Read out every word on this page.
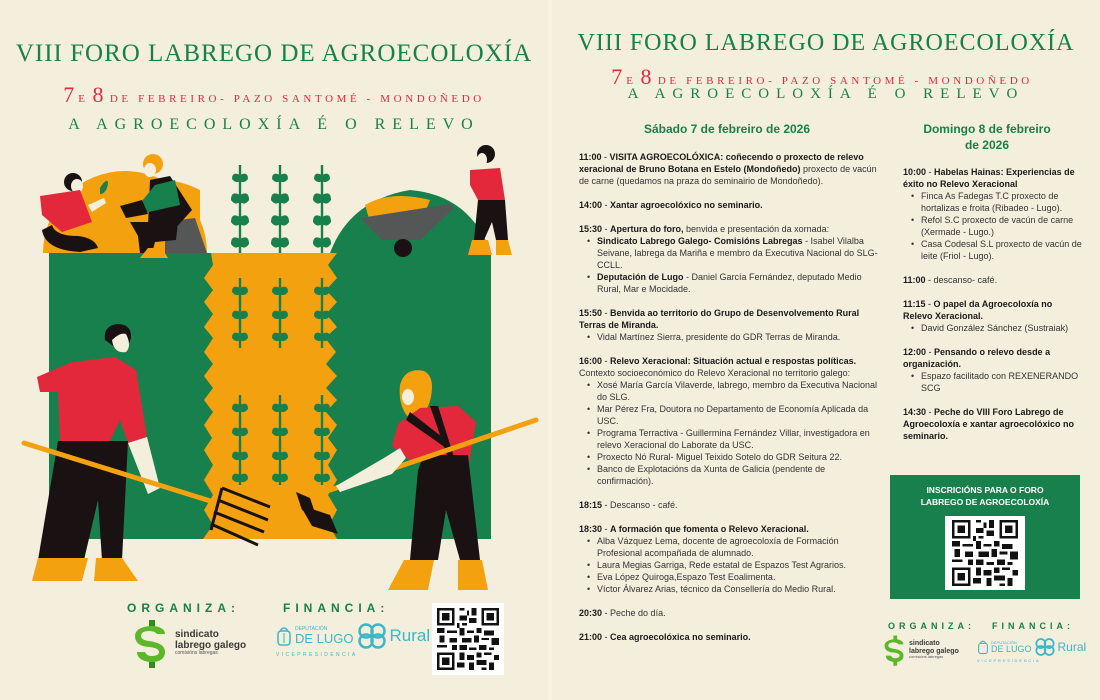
VIII FORO LABREGO DE AGROECOLOXÍA
7 E 8 DE FEBREIRO- PAZO SANTOMÉ - MONDOÑEDO
A AGROECOLOXÍA É O RELEVO
ORGANIZA:	FINANCIA:
sindicato
labrego galego
comisións labregas
DEPUTACIÓN
DE LUGO Rural
VICEPRESIDENCIA
VIII FORO LABREGO DE AGROECOLOXÍA
7 E 8 DE FEBREIRO- PAZO SANTOMÉ - MONDOÑEDO
A AGROECOLOXÍA É O RELEVO
Sábado 7 de febreiro de 2026
11:00 - VISITA AGROECOLÓXICA: coñecendo o proxecto de relevo xeracional de Bruno Botana en Estelo (Mondoñedo) proxecto de vacún de carne (quedamos na praza do seminairio de Mondoñedo).
14:00 - Xantar agroecolóxico no seminario.
15:30 - Apertura do foro, benvida e presentación da xornada:
• Sindicato Labrego Galego- Comisións Labregas - Isabel Vilalba Seivane, labrega da Mariña e membro da Executiva Nacional do SLG-CCLL.
• Deputación de Lugo - Daniel García Fernández, deputado Medio Rural, Mar e Mocidade.
15:50 - Benvida ao territorio do Grupo de Desenvolvemento Rural Terras de Miranda.
• Vidal Martínez Sierra, presidente do GDR Terras de Miranda.
16:00 - Relevo Xeracional: Situación actual e respostas políticas. Contexto socioeconómico do Relevo Xeracional no territorio galego:
• Xosé María García Vilaverde, labrego, membro da Executiva Nacional do SLG.
• Mar Pérez Fra, Doutora no Departamento de Economía Aplicada da USC.
• Programa Terractiva - Guillermina Fernández Villar, investigadora en relevo Xeracional do Laborate da USC.
• Proxecto Nó Rural- Miguel Teixido Sotelo do GDR Seitura 22.
• Banco de Explotacións da Xunta de Galicia (pendente de confirmación).
18:15 - Descanso - café.
18:30 - A formación que fomenta o Relevo Xeracional.
• Alba Vázquez Lema, docente de agroecoloxía de Formación Profesional acompañada de alumnado.
• Laura Megias Garriga, Rede estatal de Espazos Test Agrarios.
• Eva López Quiroga,Espazo Test Eoalimenta.
• Víctor Álvarez Arias, técnico da Consellería do Medio Rural.
20:30 - Peche do día.
21:00 - Cea agroecolóxica no seminario.
Domingo 8 de febreiro
de 2026
10:00 - Habelas Hainas: Experiencias de éxito no Relevo Xeracional
• Finca As Fadegas T.C proxecto de hortalizas e froita (Ribadeo - Lugo).
• Refol S.C proxecto de vacún de carne (Xermade - Lugo.)
• Casa Codesal S.L proxecto de vacún de leite (Friol - Lugo).
11:00 - descanso- café.
11:15 - O papel da Agroecoloxía no Relevo Xeracional.
• David González Sánchez (Sustraiak)
12:00 - Pensando o relevo desde a organización.
• Espazo facilitado con REXENERANDO SCG
14:30 - Peche do VIII Foro Labrego de Agroecoloxía e xantar agroecolóxico no seminario.
INSCRICIÓNS PARA O FORO
LABREGO DE AGROECOLOXÍA
ORGANIZA: FINANCIA:
sindicato
labrego galego
comisións labregas
DEPUTACIÓN
DE LUGO Rural
VICEPRESIDENCIA
